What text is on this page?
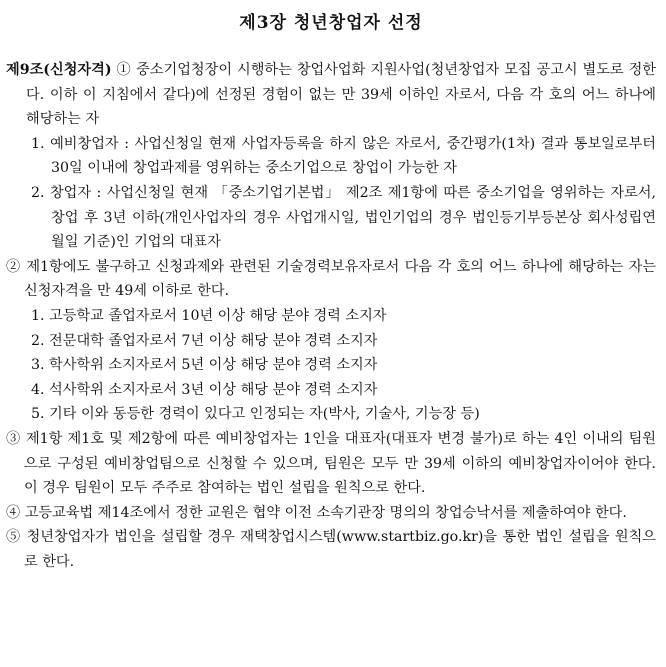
제3장 청년창업자 선정

제9조(신청자격) ① 중소기업청장이 시행하는 창업사업화 지원사업(청년창업자 모집 공고시 별도로 정한다. 이하 이 지침에서 같다)에 선정된 경험이 없는 만 39세 이하인 자로서, 다음 각 호의 어느 하나에 해당하는 자

1. 예비창업자 : 사업신청일 현재 사업자등록을 하지 않은 자로서, 중간평가(1차) 결과 통보일로부터 30일 이내에 창업과제를 영위하는 중소기업으로 창업이 가능한 자
2. 창업자 : 사업신청일 현재 「중소기업기본법」 제2조 제1항에 따른 중소기업을 영위하는 자로서, 창업 후 3년 이하(개인사업자의 경우 사업개시일, 법인기업의 경우 법인등기부등본상 회사성립연월일 기준)인 기업의 대표자

② 제1항에도 불구하고 신청과제와 관련된 기술경력보유자로서 다음 각 호의 어느 하나에 해당하는 자는 신청자격을 만 49세 이하로 한다.

1. 고등학교 졸업자로서 10년 이상 해당 분야 경력 소지자
2. 전문대학 졸업자로서 7년 이상 해당 분야 경력 소지자
3. 학사학위 소지자로서 5년 이상 해당 분야 경력 소지자
4. 석사학위 소지자로서 3년 이상 해당 분야 경력 소지자
5. 기타 이와 동등한 경력이 있다고 인정되는 자(박사, 기술사, 기능장 등)

③ 제1항 제1호 및 제2항에 따른 예비창업자는 1인을 대표자(대표자 변경 불가)로 하는 4인 이내의 팀원으로 구성된 예비창업팀으로 신청할 수 있으며, 팀원은 모두 만 39세 이하의 예비창업자이어야 한다. 이 경우 팀원이 모두 주주로 참여하는 법인 설립을 원칙으로 한다.

④ 고등교육법 제14조에서 정한 교원은 협약 이전 소속기관장 명의의 창업승낙서를 제출하여야 한다.

⑤ 청년창업자가 법인을 설립할 경우 재택창업시스템(www.startbiz.go.kr)을 통한 법인 설립을 원칙으로 한다.
